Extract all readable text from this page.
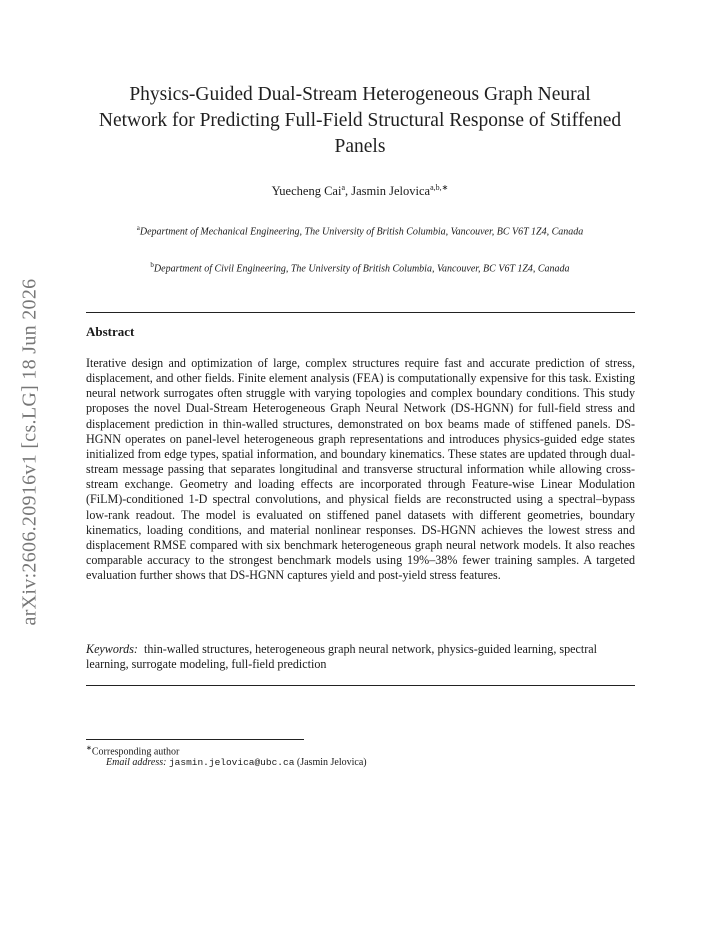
arXiv:2606.20916v1 [cs.LG] 18 Jun 2026
Physics-Guided Dual-Stream Heterogeneous Graph Neural
Network for Predicting Full-Field Structural Response of Stiffened
Panels
Yuecheng Cai$^a$, Jasmin Jelovica$^{a,b,∗}$
$^a$Department of Mechanical Engineering, The University of British Columbia, Vancouver, BC V6T 1Z4, Canada
$^b$Department of Civil Engineering, The University of British Columbia, Vancouver, BC V6T 1Z4, Canada
Abstract
Iterative design and optimization of large, complex structures require fast and accurate prediction of stress, displacement, and other fields. Finite element analysis (FEA) is computationally expensive for this task. Existing neural network surrogates often struggle with varying topologies and complex boundary conditions. This study proposes the novel Dual-Stream Heterogeneous Graph Neural Network (DS-HGNN) for full-field stress and displacement prediction in thin-walled structures, demonstrated on box beams made of stiffened panels. DS-HGNN operates on panel-level heterogeneous graph representations and introduces physics-guided edge states initialized from edge types, spatial information, and boundary kinematics. These states are updated through dual-stream message passing that separates longitudinal and transverse structural information while allowing cross-stream exchange. Geometry and loading effects are incorporated through Feature-wise Linear Modulation (FiLM)-conditioned 1-D spectral convolutions, and physical fields are reconstructed using a spectral–bypass low-rank readout. The model is evaluated on stiffened panel datasets with different geometries, boundary kinematics, loading conditions, and material nonlinear responses. DS-HGNN achieves the lowest stress and displacement RMSE compared with six benchmark heterogeneous graph neural network models. It also reaches comparable accuracy to the strongest benchmark models using 19%–38% fewer training samples. A targeted evaluation further shows that DS-HGNN captures yield and post-yield stress features.
Keywords: thin-walled structures, heterogeneous graph neural network, physics-guided learning, spectral learning, surrogate modeling, full-field prediction
∗Corresponding author
Email address: jasmin.jelovica@ubc.ca (Jasmin Jelovica)
